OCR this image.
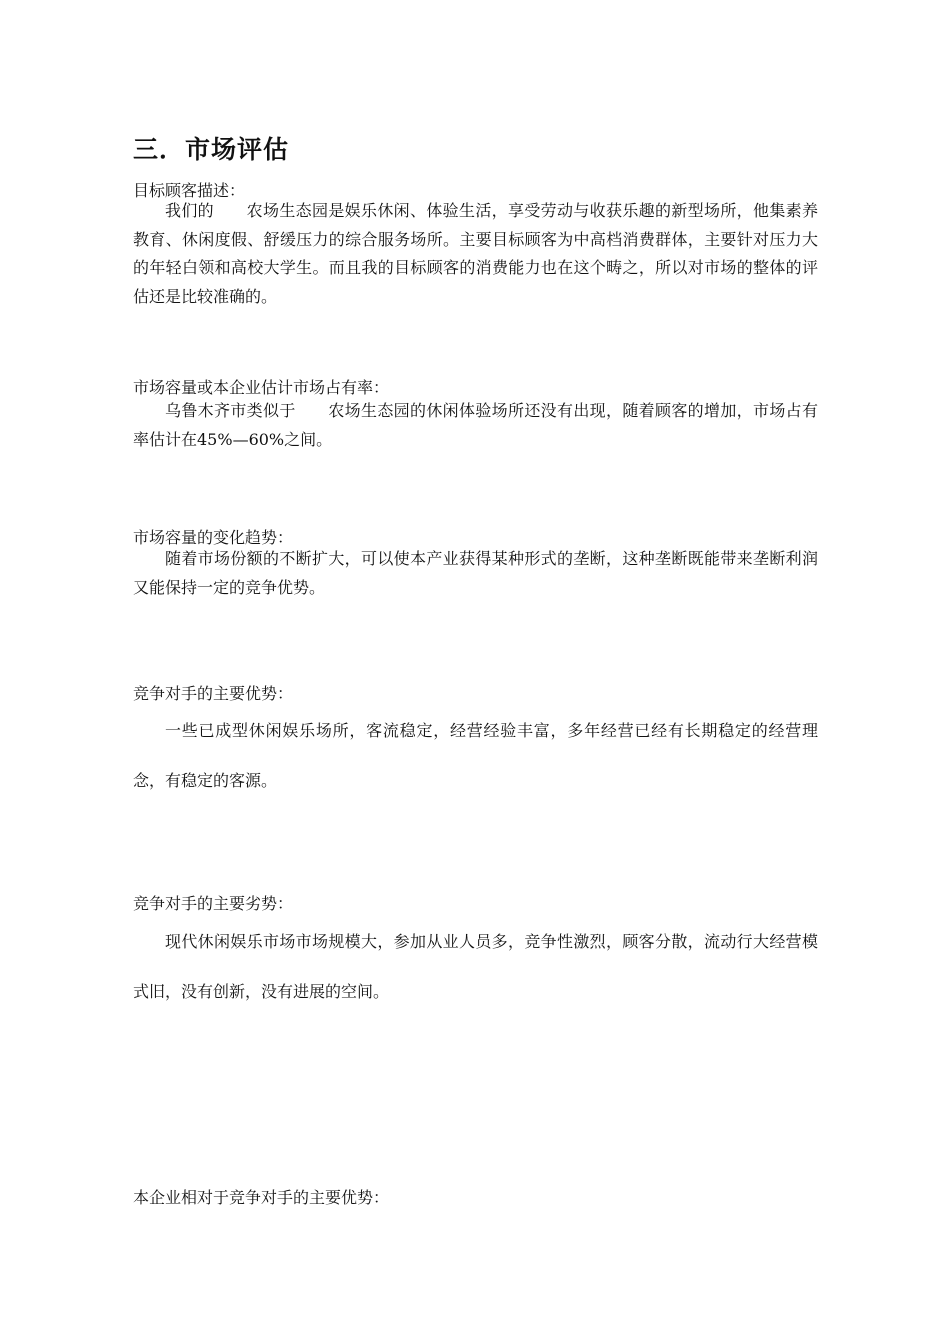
三．市场评估

目标顾客描述：

我们的　　农场生态园是娱乐休闲、体验生活，享受劳动与收获乐趣的新型场所，他集素养教育、休闲度假、舒缓压力的综合服务场所。主要目标顾客为中高档消费群体，主要针对压力大的年轻白领和高校大学生。而且我的目标顾客的消费能力也在这个畴之，所以对市场的整体的评估还是比较准确的。

市场容量或本企业估计市场占有率：

乌鲁木齐市类似于　　农场生态园的休闲体验场所还没有出现，随着顾客的增加，市场占有率估计在45%—60%之间。

市场容量的变化趋势：

随着市场份额的不断扩大，可以使本产业获得某种形式的垄断，这种垄断既能带来垄断利润又能保持一定的竞争优势。

竞争对手的主要优势：

一些已成型休闲娱乐场所，客流稳定，经营经验丰富，多年经营已经有长期稳定的经营理念，有稳定的客源。

竞争对手的主要劣势：

现代休闲娱乐市场市场规模大，参加从业人员多，竞争性激烈，顾客分散，流动行大经营模式旧，没有创新，没有进展的空间。

本企业相对于竞争对手的主要优势：
